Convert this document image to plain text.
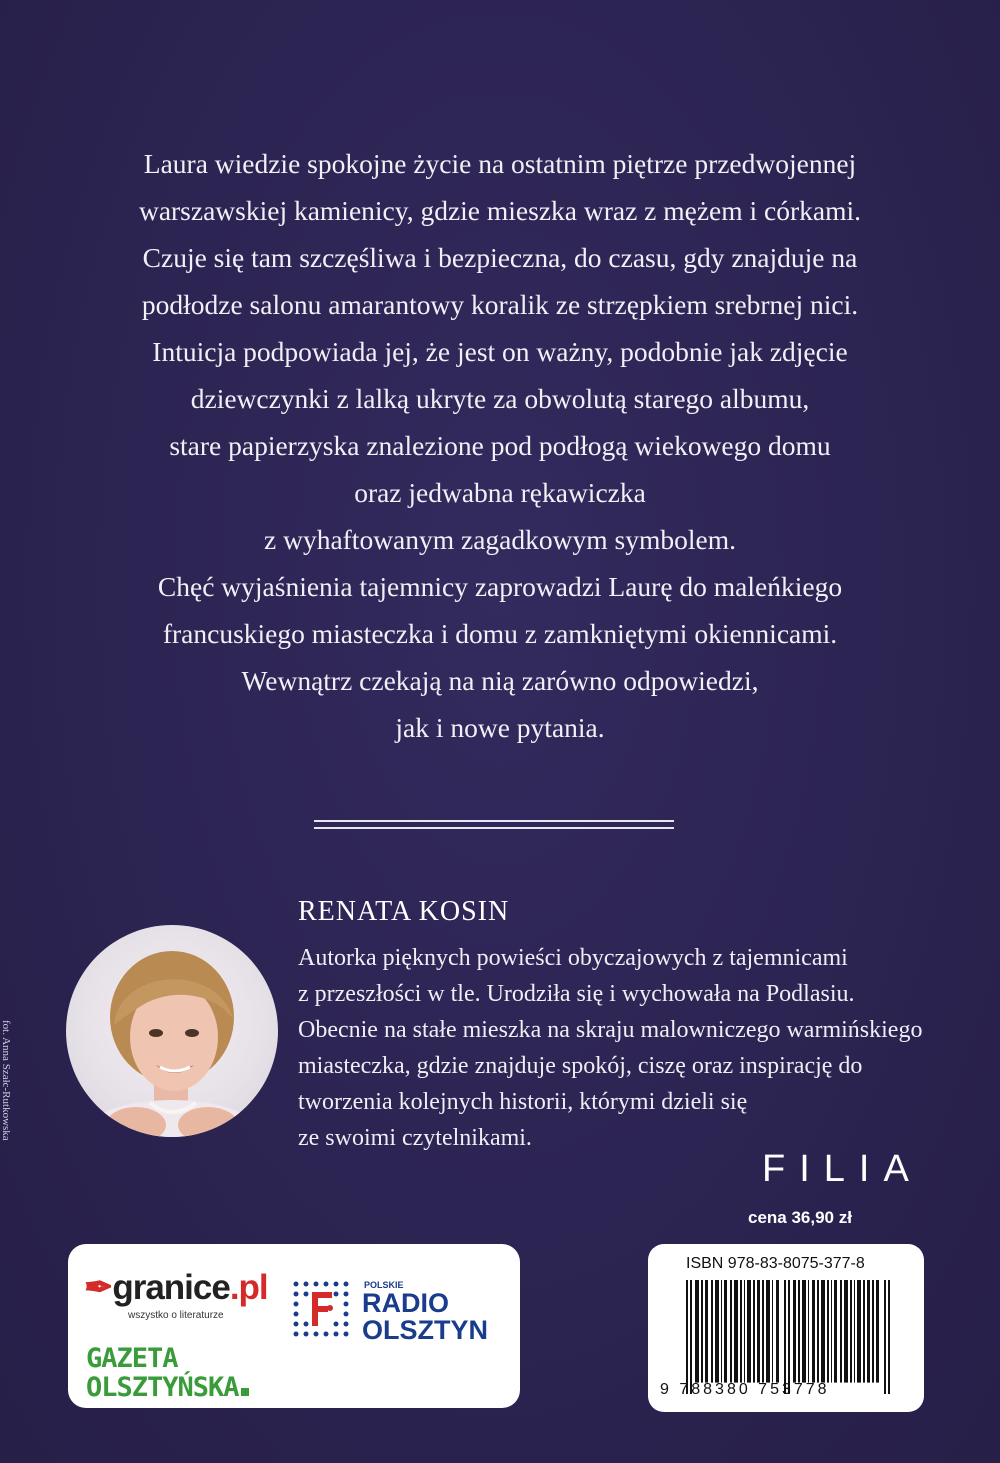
Laura wiedzie spokojne życie na ostatnim piętrze przedwojennej
warszawskiej kamienicy, gdzie mieszka wraz z mężem i córkami.
Czuje się tam szczęśliwa i bezpieczna, do czasu, gdy znajduje na
podłodze salonu amarantowy koralik ze strzępkiem srebrnej nici.
Intuicja podpowiada jej, że jest on ważny, podobnie jak zdjęcie
dziewczynki z lalką ukryte za obwolutą starego albumu,
stare papierzyska znalezione pod podłogą wiekowego domu
oraz jedwabna rękawiczka
z wyhaftowanym zagadkowym symbolem.
Chęć wyjaśnienia tajemnicy zaprowadzi Laurę do maleńkiego
francuskiego miasteczka i domu z zamkniętymi okiennicami.
Wewnątrz czekają na nią zarówno odpowiedzi,
jak i nowe pytania.
fot. Anna Szałc-Rutkowska
RENATA KOSIN
Autorka pięknych powieści obyczajowych z tajemnicami
z przeszłości w tle. Urodziła się i wychowała na Podlasiu.
Obecnie na stałe mieszka na skraju malowniczego warmińskiego
miasteczka, gdzie znajduje spokój, ciszę oraz inspirację do
tworzenia kolejnych historii, którymi dzieli się
ze swoimi czytelnikami.
FILIA
cena 36,90 zł
✒granice.pl
wszystko o literaturze
POLSKIE
RADIO
OLSZTYN
GAZETA
OLSZTYŃSKA
ISBN 978-83-8075-377-8
9 788380 753778
